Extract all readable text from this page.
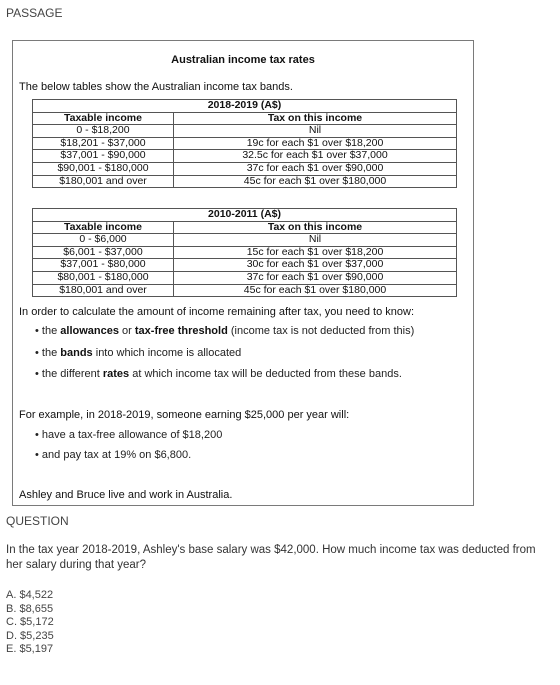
PASSAGE
Australian income tax rates
The below tables show the Australian income tax bands.
2018-2019 (A$)	
Taxable income	Tax on this income
0 - $18,200	Nil
$18,201 - $37,000	19c for each $1 over $18,200
$37,001 - $90,000	32.5c for each $1 over $37,000
$90,001 - $180,000	37c for each $1 over $90,000
$180,001 and over	45c for each $1 over $180,000
2010-2011 (A$)	
Taxable income	Tax on this income
0 - $6,000	Nil
$6,001 - $37,000	15c for each $1 over $18,200
$37,001 - $80,000	30c for each $1 over $37,000
$80,001 - $180,000	37c for each $1 over $90,000
$180,001 and over	45c for each $1 over $180,000
In order to calculate the amount of income remaining after tax, you need to know:
• the allowances or tax-free threshold (income tax is not deducted from this)
• the bands into which income is allocated
• the different rates at which income tax will be deducted from these bands.
For example, in 2018-2019, someone earning $25,000 per year will:
• have a tax-free allowance of $18,200
• and pay tax at 19% on $6,800.
Ashley and Bruce live and work in Australia.
QUESTION
In the tax year 2018-2019, Ashley's base salary was $42,000. How much income tax was deducted from her salary during that year?
A. $4,522
B. $8,655
C. $5,172
D. $5,235
E. $5,197
